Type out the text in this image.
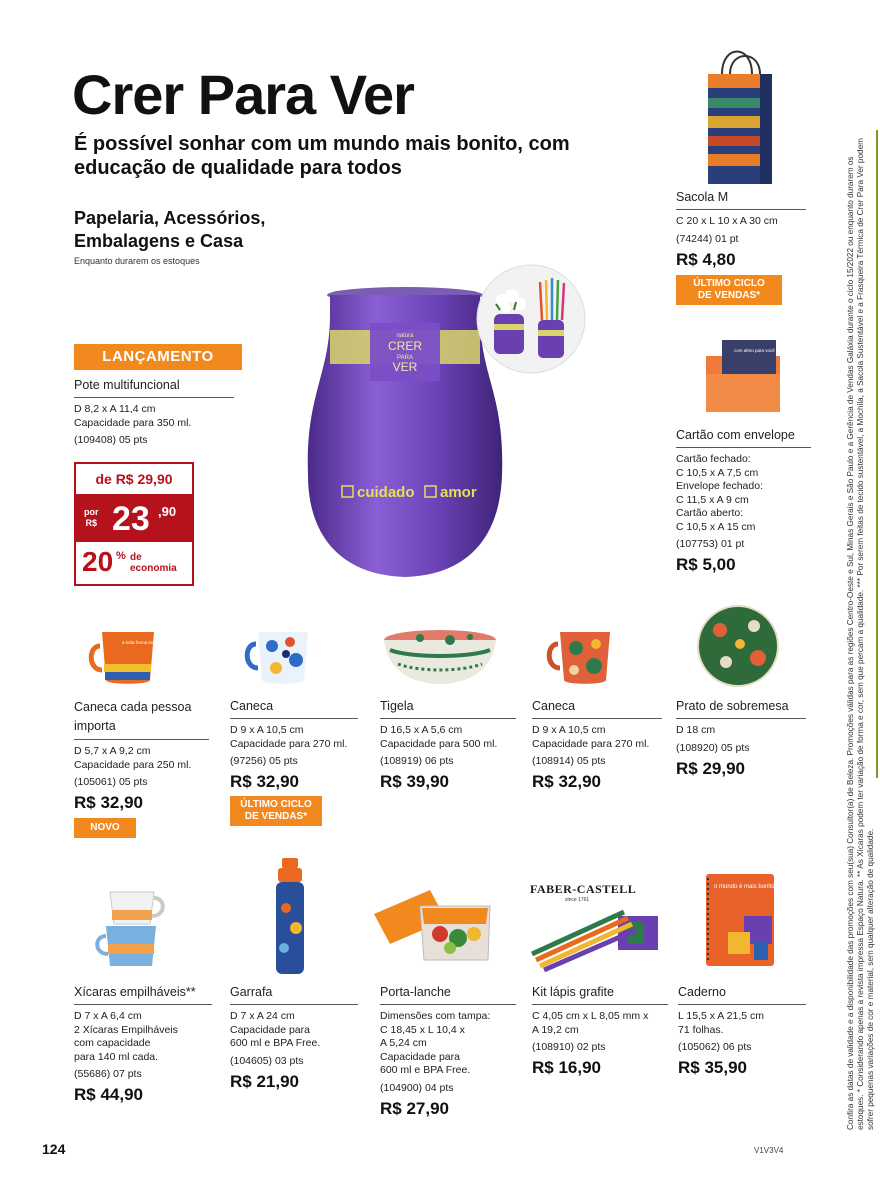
Crer Para Ver
É possível sonhar com um mundo mais bonito, com educação de qualidade para todos
Papelaria, Acessórios, Embalagens e Casa
Enquanto durarem os estoques
LANÇAMENTO
Pote multifuncional
D 8,2 x A 11,4 cm
Capacidade para 350 ml.
(109408) 05 pts
de R$ 29,90
por
R$ 23 ,90
20 % de
economia
natura
CRER
PARA
VER
cuidado amor
Sacola M
C 20 x L 10 x A 30 cm
(74244) 01 pt
R$ 4,80
ÚLTIMO CICLO
DE VENDAS*
com afeto para você
Cartão com envelope
Cartão fechado:
C 10,5 x A 7,5 cm
Envelope fechado:
C 11,5 x A 9 cm
Cartão aberto:
C 10,5 x A 15 cm
(107753) 01 pt
R$ 5,00
a toda forma importa
Caneca cada pessoa importa
D 5,7 x A 9,2 cm
Capacidade para 250 ml.
(105061) 05 pts
R$ 32,90
NOVO
Caneca
D 9 x A 10,5 cm
Capacidade para 270 ml.
(97256) 05 pts
R$ 32,90
ÚLTIMO CICLO
DE VENDAS*
Tigela
D 16,5 x A 5,6 cm
Capacidade para 500 ml.
(108919) 06 pts
R$ 39,90
Caneca
D 9 x A 10,5 cm
Capacidade para 270 ml.
(108914) 05 pts
R$ 32,90
Prato de sobremesa
D 18 cm
(108920) 05 pts
R$ 29,90
FABER-CASTELL
since 1761
o mundo é mais bonito com você.
Xícaras empilháveis**
D 7 x A 6,4 cm
2 Xícaras Empilháveis
com capacidade
para 140 ml cada.
(55686) 07 pts
R$ 44,90
Garrafa
D 7 x A 24 cm
Capacidade para
600 ml e BPA Free.
(104605) 03 pts
R$ 21,90
Porta-lanche
Dimensões com tampa:
C 18,45 x L 10,4 x
A 5,24 cm
Capacidade para
600 ml e BPA Free.
(104900) 04 pts
R$ 27,90
Kit lápis grafite
C 4,05 cm x L 8,05 mm x
A 19,2 cm
(108910) 02 pts
R$ 16,90
Caderno
L 15,5 x A 21,5 cm
71 folhas.
(105062) 06 pts
R$ 35,90	Confira as datas de validade e a disponibilidade das promoções com seu(sua) Consultor(a) de Beleza. Promoções válidas para as regiões Centro-Oeste e Sul, Minas Gerais e São Paulo e a Gerência de Vendas Galáxia durante o ciclo 15/2022 ou enquanto durarem os estoques. * Considerando apenas a revista impressa Espaço Natura. ** As Xícaras podem ter variação de forma e cor, sem que percam a qualidade. *** Por serem feitas de tecido sustentável, a Mochila, a Sacola Sustentável e a Frasqueira Térmica de Crer Para Ver podem sofrer pequenas variações de cor e material, sem qualquer alteração de qualidade.
124	V1V3V4
